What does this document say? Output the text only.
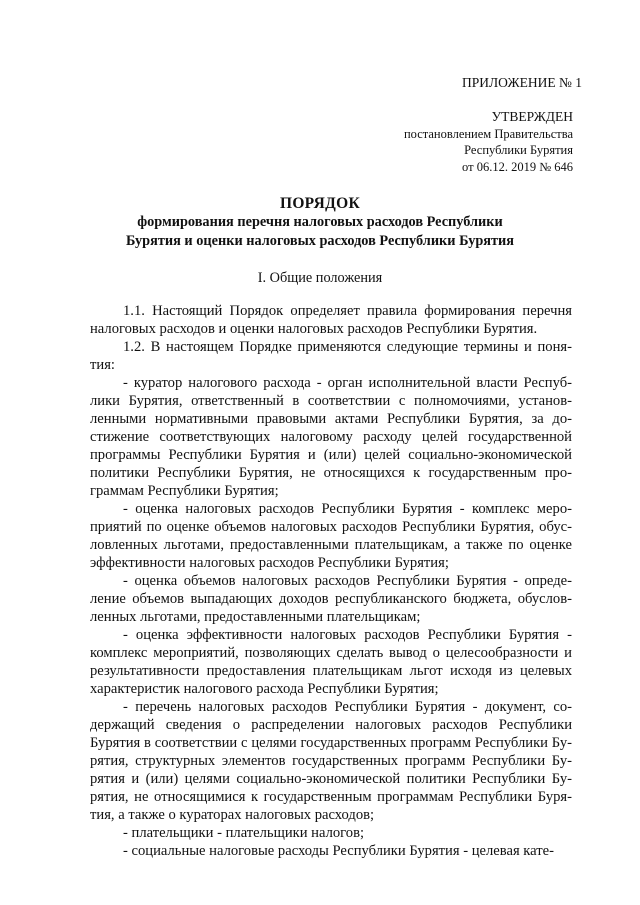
ПРИЛОЖЕНИЕ № 1
УТВЕРЖДЕН
постановлением Правительства
Республики Бурятия
от 06.12. 2019 № 646
ПОРЯДОК
формирования перечня налоговых расходов Республики
Бурятия и оценки налоговых расходов Республики Бурятия
I. Общие положения

1.1. Настоящий Порядок определяет правила формирования перечня налоговых расходов и оценки налоговых расходов Республики Бурятия.

1.2. В настоящем Порядке применяются следующие термины и понятия:

- куратор налогового расхода - орган исполнительной власти Республики Бурятия, ответственный в соответствии с полномочиями, установленными нормативными правовыми актами Республики Бурятия, за достижение соответствующих налоговому расходу целей государственной программы Республики Бурятия и (или) целей социально-экономической политики Республики Бурятия, не относящихся к государственным программам Республики Бурятия;

- оценка налоговых расходов Республики Бурятия - комплекс мероприятий по оценке объемов налоговых расходов Республики Бурятия, обусловленных льготами, предоставленными плательщикам, а также по оценке эффективности налоговых расходов Республики Бурятия;

- оценка объемов налоговых расходов Республики Бурятия - определение объемов выпадающих доходов республиканского бюджета, обусловленных льготами, предоставленными плательщикам;

- оценка эффективности налоговых расходов Республики Бурятия - комплекс мероприятий, позволяющих сделать вывод о целесообразности и результативности предоставления плательщикам льгот исходя из целевых характеристик налогового расхода Республики Бурятия;

- перечень налоговых расходов Республики Бурятия - документ, содержащий сведения о распределении налоговых расходов Республики Бурятия в соответствии с целями государственных программ Республики Бурятия, структурных элементов государственных программ Республики Бурятия и (или) целями социально-экономической политики Республики Бурятия, не относящимися к государственным программам Республики Бурятия, а также о кураторах налоговых расходов;

- плательщики - плательщики налогов;

- социальные налоговые расходы Республики Бурятия - целевая кате-
